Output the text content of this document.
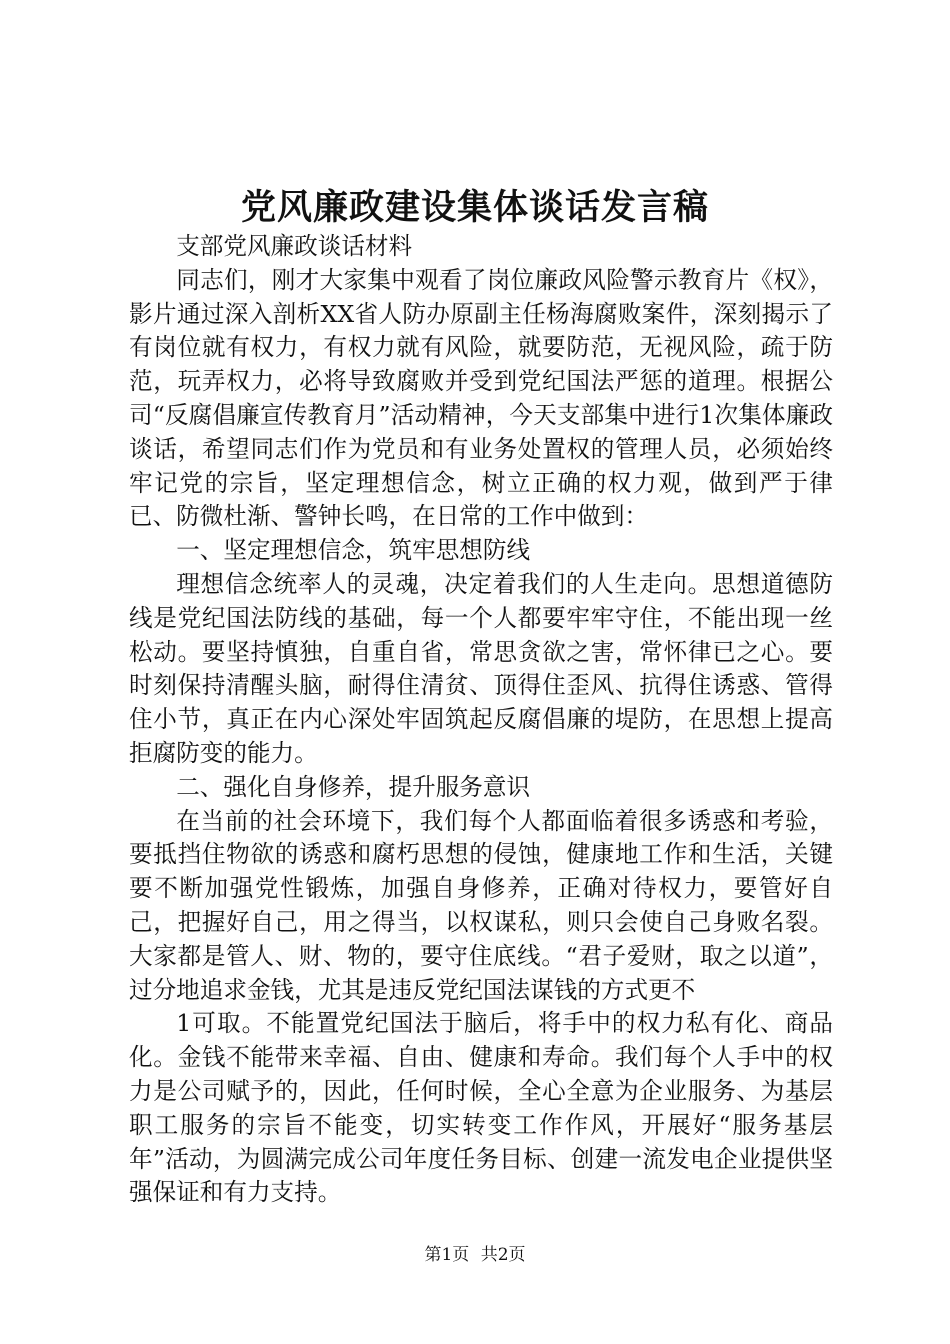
党风廉政建设集体谈话发言稿

支部党风廉政谈话材料

同志们，刚才大家集中观看了岗位廉政风险警示教育片《权》，影片通过深入剖析XX省人防办原副主任杨海腐败案件，深刻揭示了有岗位就有权力，有权力就有风险，就要防范，无视风险，疏于防范，玩弄权力，必将导致腐败并受到党纪国法严惩的道理。根据公司“反腐倡廉宣传教育月”活动精神，今天支部集中进行1次集体廉政谈话，希望同志们作为党员和有业务处置权的管理人员，必须始终牢记党的宗旨，坚定理想信念，树立正确的权力观，做到严于律已、防微杜渐、警钟长鸣，在日常的工作中做到：

一、坚定理想信念，筑牢思想防线

理想信念统率人的灵魂，决定着我们的人生走向。思想道德防线是党纪国法防线的基础，每一个人都要牢牢守住，不能出现一丝松动。要坚持慎独，自重自省，常思贪欲之害，常怀律已之心。要时刻保持清醒头脑，耐得住清贫、顶得住歪风、抗得住诱惑、管得住小节，真正在内心深处牢固筑起反腐倡廉的堤防，在思想上提高拒腐防变的能力。

二、强化自身修养，提升服务意识

在当前的社会环境下，我们每个人都面临着很多诱惑和考验，要抵挡住物欲的诱惑和腐朽思想的侵蚀，健康地工作和生活，关键要不断加强党性锻炼，加强自身修养，正确对待权力，要管好自己，把握好自己，用之得当，以权谋私，则只会使自己身败名裂。大家都是管人、财、物的，要守住底线。“君子爱财，取之以道”，过分地追求金钱，尤其是违反党纪国法谋钱的方式更不

1可取。不能置党纪国法于脑后，将手中的权力私有化、商品化。金钱不能带来幸福、自由、健康和寿命。我们每个人手中的权力是公司赋予的，因此，任何时候，全心全意为企业服务、为基层职工服务的宗旨不能变，切实转变工作作风，开展好“服务基层年”活动，为圆满完成公司年度任务目标、创建一流发电企业提供坚强保证和有力支持。

第1页 共2页
